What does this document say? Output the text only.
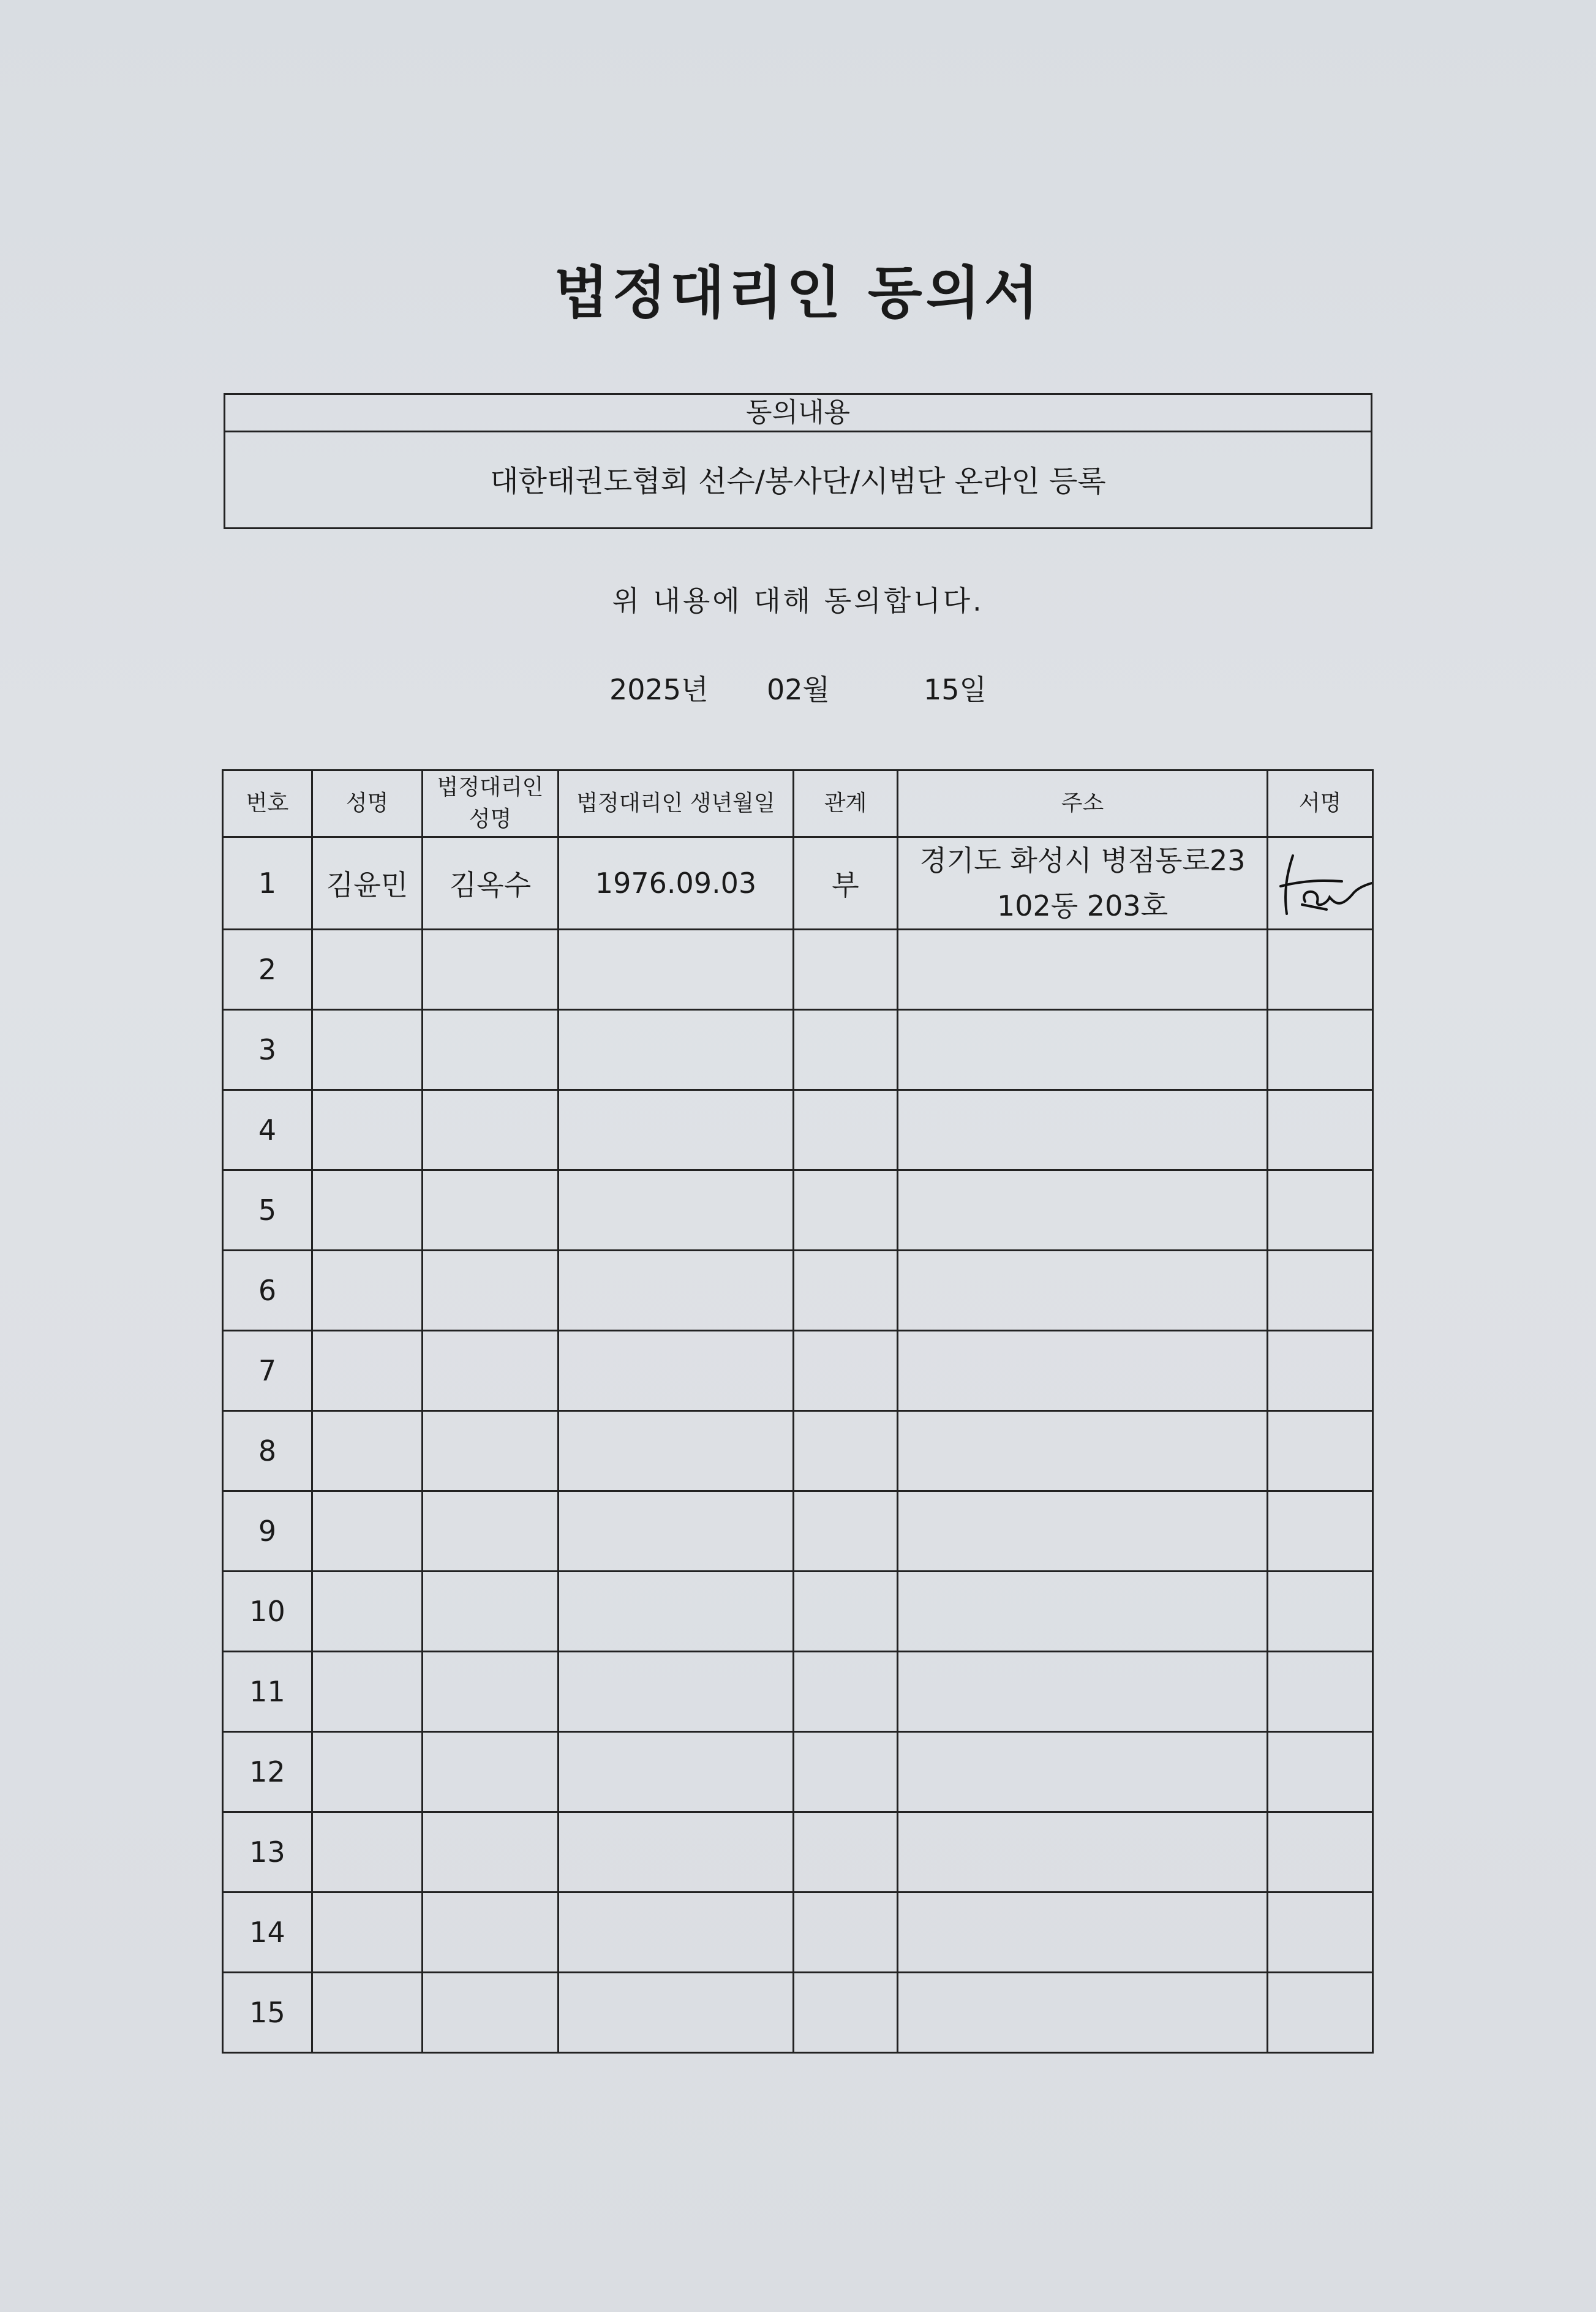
법정대리인 동의서
동의내용
대한태권도협회 선수/봉사단/시범단 온라인 등록
위 내용에 대해 동의합니다.
2025년 02월	15일
번호	성명	법정대리인 성명	법정대리인 생년월일	관계	주소	서명
1	김윤민	김옥수	1976.09.03	부	경기도 화성시 병점동로23
102동 203호

2						
3						
4						
5						
6						
7						
8						
9						
10						
11						
12						
13						
14						
15						
